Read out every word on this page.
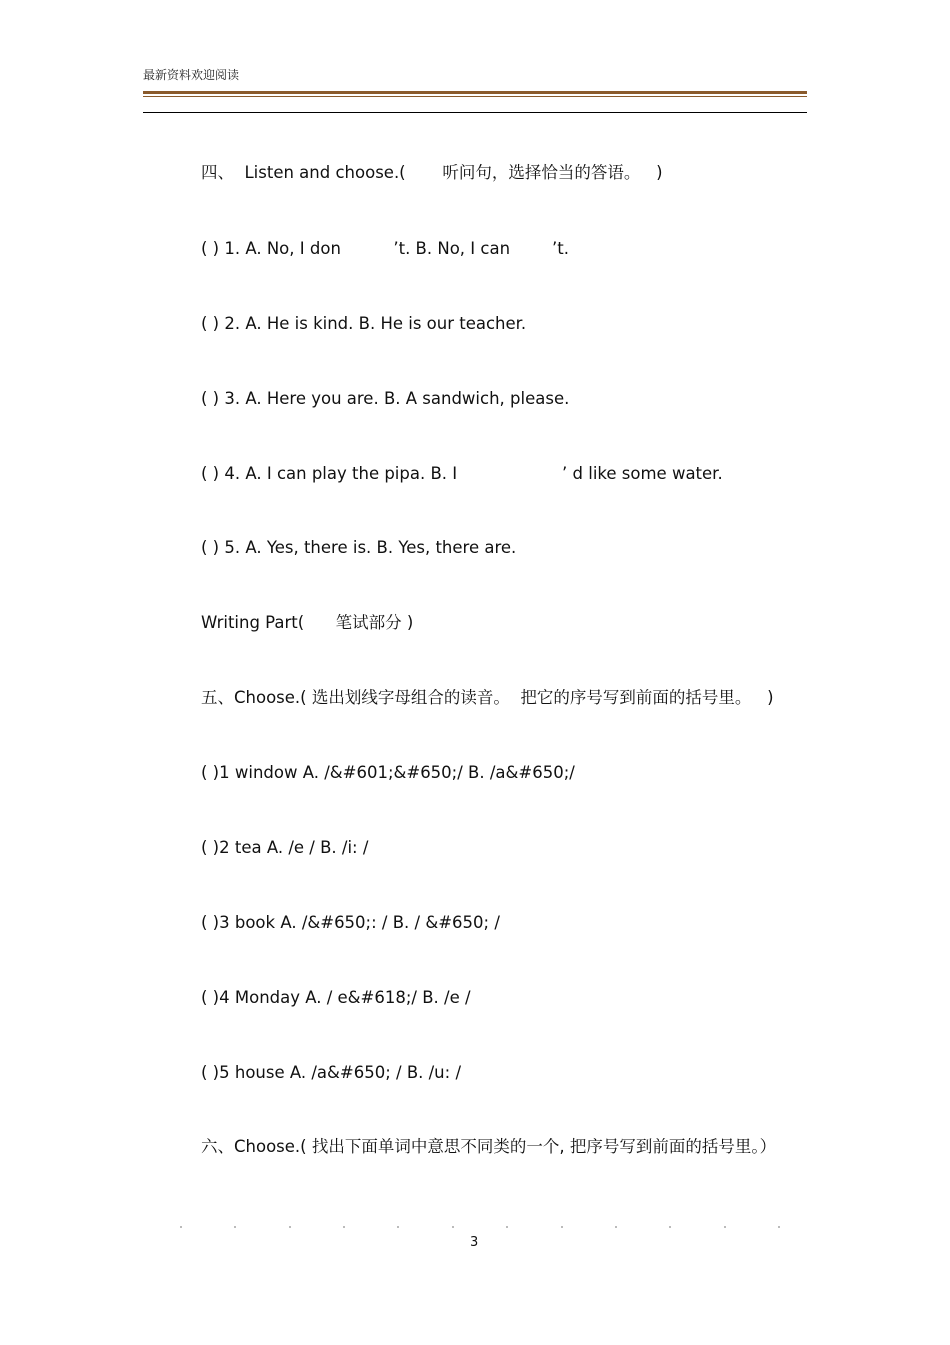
最新资料欢迎阅读
四、  Listen and choose.(       听问句，选择恰当的答语。   )
( ) 1. A. No, I don          ’t. B. No, I can        ’t.
( ) 2. A. He is kind. B. He is our teacher.
( ) 3. A. Here you are. B. A sandwich, please.
( ) 4. A. I can play the pipa. B. I                    ’ d like some water.
( ) 5. A. Yes, there is. B. Yes, there are.
Writing Part(      笔试部分 )
五、Choose.( 选出划线字母组合的读音。  把它的序号写到前面的括号里。   )
( )1 window A. /&#601;&#650;/ B. /a&#650;/
( )2 tea A. /e / B. /i: /
( )3 book A. /&#650;: / B. / &#650; /
( )4 Monday A. / e&#618;/ B. /e /
( )5 house A. /a&#650; / B. /u: /
六、Choose.( 找出下面单词中意思不同类的一个, 把序号写到前面的括号里。）
3
